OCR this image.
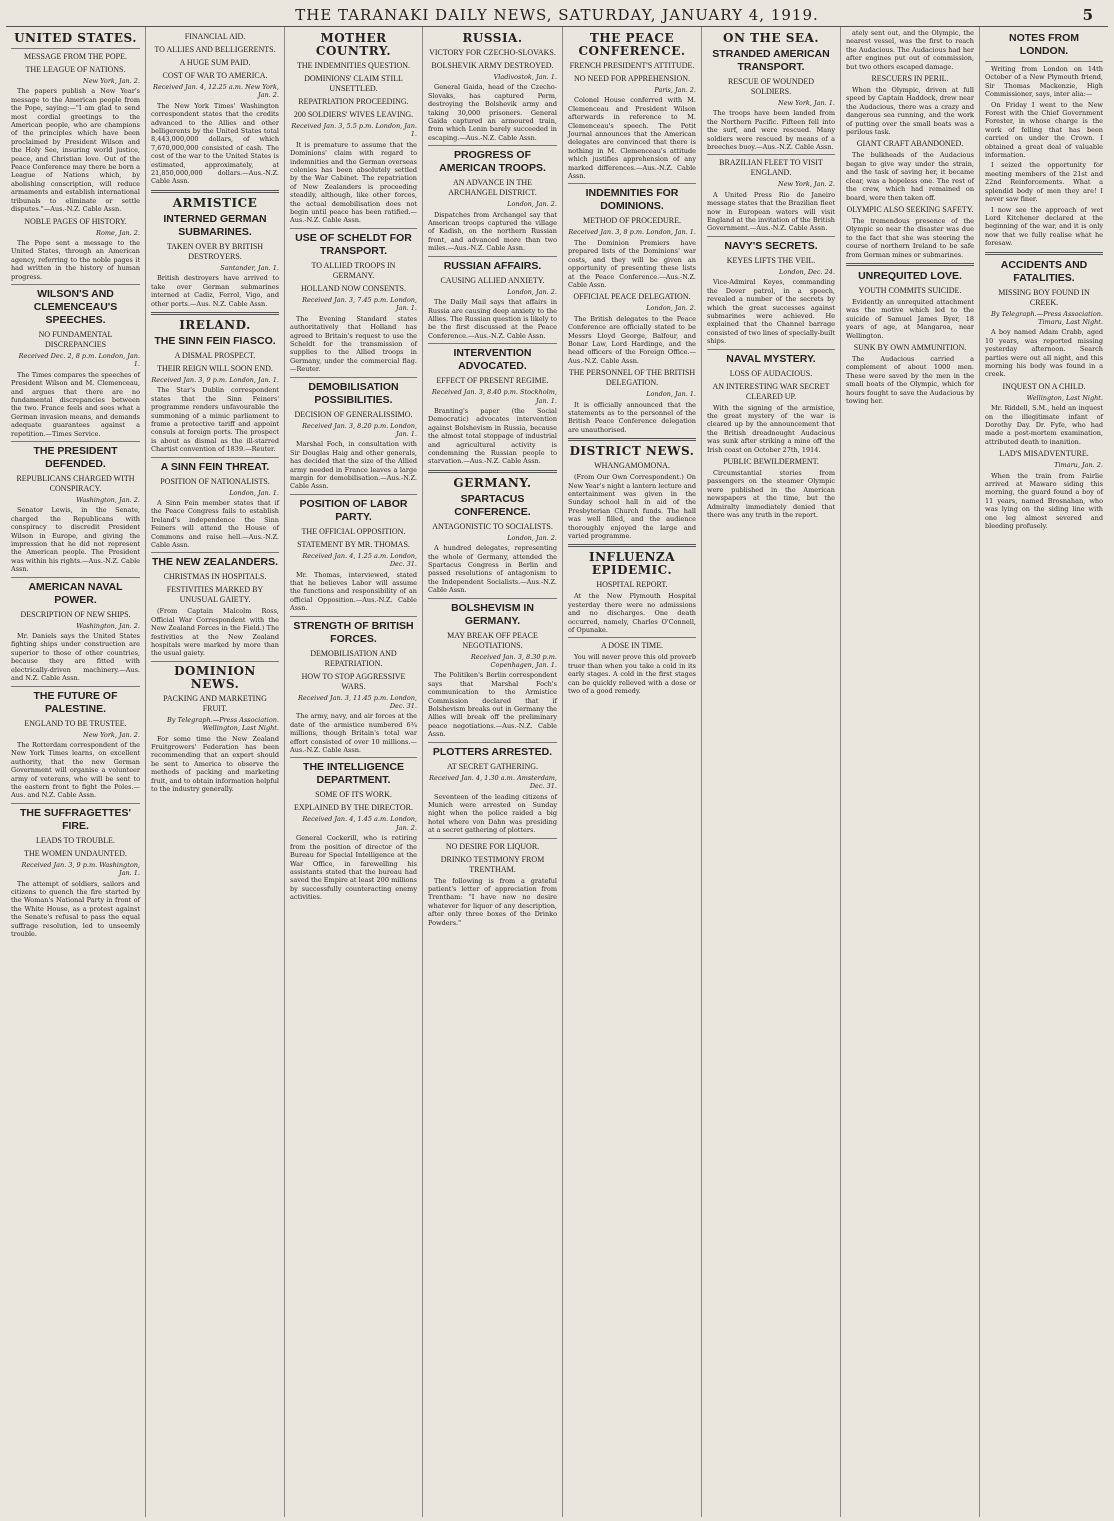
THE TARANAKI DAILY NEWS, SATURDAY, JANUARY 4, 1919.	5
UNITED STATES.
MESSAGE FROM THE POPE.
THE LEAGUE OF NATIONS.
New York, Jan. 2.

The papers publish a New Year's message to the American people from the Pope, saying:—"I am glad to send most cordial greetings to the American people, who are champions of the principles which have been proclaimed by President Wilson and the Holy See, insuring world justice, peace, and Christian love. Out of the Peace Conference may there be born a League of Nations which, by abolishing conscription, will reduce armaments and establish international tribunals to eliminate or settle disputes."—Aus.-N.Z. Cable Assn.

NOBLE PAGES OF HISTORY.
Rome, Jan. 2.

The Pope sent a message to the United States, through an American agency, referring to the noble pages it had written in the history of human progress.

WILSON'S AND CLEMENCEAU'S SPEECHES.
NO FUNDAMENTAL DISCREPANCIES
Received Dec. 2, 8 p.m. London, Jan. 1.

The Times compares the speeches of President Wilson and M. Clemenceau, and argues that there are no fundamental discrepancies between the two. France feels and sees what a German invasion means, and demands adequate guarantees against a repetition.—Times Service.

THE PRESIDENT DEFENDED.
REPUBLICANS CHARGED WITH CONSPIRACY.
Washington, Jan. 2.

Senator Lewis, in the Senate, charged the Republicans with conspiracy to discredit President Wilson in Europe, and giving the impression that he did not represent the American people. The President was within his rights.—Aus.-N.Z. Cable Assn.

AMERICAN NAVAL POWER.
DESCRIPTION OF NEW SHIPS.
Washington, Jan. 2.

Mr. Daniels says the United States fighting ships under construction are superior to those of other countries, because they are fitted with electrically-driven machinery.—Aus. and N.Z. Cable Assn.

THE FUTURE OF PALESTINE.
ENGLAND TO BE TRUSTEE.
New York, Jan. 2.

The Rotterdam correspondent of the New York Times learns, on excellent authority, that the new German Government will organise a volunteer army of veterans, who will be sent to the eastern front to fight the Poles.—Aus. and N.Z. Cable Assn.

THE SUFFRAGETTES' FIRE.
LEADS TO TROUBLE.
THE WOMEN UNDAUNTED.
Received Jan. 3, 9 p.m. Washington, Jan. 1.

The attempt of soldiers, sailors and citizens to quench the fire started by the Woman's National Party in front of the White House, as a protest against the Senate's refusal to pass the equal suffrage resolution, led to unseemly trouble.

FINANCIAL AID.
TO ALLIES AND BELLIGERENTS.
A HUGE SUM PAID.
COST OF WAR TO AMERICA.
Received Jan. 4, 12.25 a.m. New York, Jan. 2.

The New York Times' Washington correspondent states that the credits advanced to the Allies and other belligerents by the United States total 8,443,000,000 dollars, of which 7,670,000,000 consisted of cash. The cost of the war to the United States is estimated, approximately, at 21,850,000,000 dollars.—Aus.-N.Z. Cable Assn.

ARMISTICE
INTERNED GERMAN SUBMARINES.
TAKEN OVER BY BRITISH DESTROYERS.
Santander, Jan. 1.

British destroyers have arrived to take over German submarines interned at Cadiz, Ferrol, Vigo, and other ports.—Aus. N.Z. Cable Assn.

IRELAND.
THE SINN FEIN FIASCO.
A DISMAL PROSPECT.
THEIR REIGN WILL SOON END.
Received Jan. 3, 9 p.m. London, Jan. 1.

The Star's Dublin correspondent states that the Sinn Feiners' programme renders unfavourable the summoning of a mimic parliament to frame a protective tariff and appoint consuls at foreign ports. The prospect is about as dismal as the ill-starred Chartist convention of 1839.—Reuter.

A SINN FEIN THREAT.
POSITION OF NATIONALISTS.
London, Jan. 1.

A Sinn Fein member states that if the Peace Congress fails to establish Ireland's independence the Sinn Feiners will attend the House of Commons and raise hell.—Aus.-N.Z. Cable Assn.

THE NEW ZEALANDERS.
CHRISTMAS IN HOSPITALS.
FESTIVITIES MARKED BY UNUSUAL GAIETY.

(From Captain Malcolm Ross, Official War Correspondent with the New Zealand Forces in the Field.) The festivities at the New Zealand hospitals were marked by more than the usual gaiety.

DOMINION NEWS.
PACKING AND MARKETING FRUIT.
By Telegraph.—Press Association. Wellington, Last Night.

For some time the New Zealand Fruitgrowers' Federation has been recommending that an expert should be sent to America to observe the methods of packing and marketing fruit, and to obtain information helpful to the industry generally.

MOTHER COUNTRY.
THE INDEMNITIES QUESTION.
DOMINIONS' CLAIM STILL UNSETTLED.
REPATRIATION PROCEEDING.
200 SOLDIERS' WIVES LEAVING.
Received Jan. 3, 5.5 p.m. London, Jan. 1.

It is premature to assume that the Dominions' claim with regard to indemnities and the German overseas colonies has been absolutely settled by the War Cabinet. The repatriation of New Zealanders is proceeding steadily, although, like other forces, the actual demobilisation does not begin until peace has been ratified.—Aus.-N.Z. Cable Assn.

USE OF SCHELDT FOR TRANSPORT.
TO ALLIED TROOPS IN GERMANY.
HOLLAND NOW CONSENTS.
Received Jan. 3, 7.45 p.m. London, Jan. 1.

The Evening Standard states authoritatively that Holland has agreed to Britain's request to use the Scheldt for the transmission of supplies to the Allied troops in Germany, under the commercial flag.—Reuter.

DEMOBILISATION POSSIBILITIES.
DECISION OF GENERALISSIMO.
Received Jan. 3, 8.20 p.m. London, Jan. 1.

Marshal Foch, in consultation with Sir Douglas Haig and other generals, has decided that the size of the Allied army needed in France leaves a large margin for demobilisation.—Aus.-N.Z. Cable Assn.

POSITION OF LABOR PARTY.
THE OFFICIAL OPPOSITION.
STATEMENT BY MR. THOMAS.
Received Jan. 4, 1.25 a.m. London, Dec. 31.

Mr. Thomas, interviewed, stated that he believes Labor will assume the functions and responsibility of an official Opposition.—Aus.-N.Z. Cable Assn.

STRENGTH OF BRITISH FORCES.
DEMOBILISATION AND REPATRIATION.
HOW TO STOP AGGRESSIVE WARS.
Received Jan. 3, 11.45 p.m. London, Dec. 31.

The army, navy, and air forces at the date of the armistice numbered 6¾ millions, though Britain's total war effort consisted of over 10 millions.—Aus.-N.Z. Cable Assn.

THE INTELLIGENCE DEPARTMENT.
SOME OF ITS WORK.
EXPLAINED BY THE DIRECTOR.
Received Jan. 4, 1.45 a.m. London, Jan. 2.

General Cockerill, who is retiring from the position of director of the Bureau for Special Intelligence at the War Office, in farewelling his assistants stated that the bureau had saved the Empire at least 200 millions by successfully counteracting enemy activities.

RUSSIA.
VICTORY FOR CZECHO-SLOVAKS.
BOLSHEVIK ARMY DESTROYED.
Vladivostok, Jan. 1.

General Gaida, head of the Czecho-Slovaks, has captured Perm, destroying the Bolshevik army and taking 30,000 prisoners. General Gaida captured an armoured train, from which Lenin barely succeeded in escaping.—Aus.-N.Z. Cable Assn.

PROGRESS OF AMERICAN TROOPS.
AN ADVANCE IN THE ARCHANGEL DISTRICT.
London, Jan. 2.

Dispatches from Archangel say that American troops captured the village of Kadish, on the northern Russian front, and advanced more than two miles.—Aus.-N.Z. Cable Assn.

RUSSIAN AFFAIRS.
CAUSING ALLIED ANXIETY.
London, Jan. 2.

The Daily Mail says that affairs in Russia are causing deep anxiety to the Allies. The Russian question is likely to be the first discussed at the Peace Conference.—Aus.-N.Z. Cable Assn.

INTERVENTION ADVOCATED.
EFFECT OF PRESENT REGIME.
Received Jan. 3, 8.40 p.m. Stockholm, Jan. 1.

Branting's paper (the Social Democratic) advocates intervention against Bolshevism in Russia, because the almost total stoppage of industrial and agricultural activity is condemning the Russian people to starvation.—Aus.-N.Z. Cable Assn.

GERMANY.
SPARTACUS CONFERENCE.
ANTAGONISTIC TO SOCIALISTS.
London, Jan. 2.

A hundred delegates, representing the whole of Germany, attended the Spartacus Congress in Berlin and passed resolutions of antagonism to the Independent Socialists.—Aus.-N.Z. Cable Assn.

BOLSHEVISM IN GERMANY.
MAY BREAK OFF PEACE NEGOTIATIONS.
Received Jan. 3, 8.30 p.m. Copenhagen, Jan. 1.

The Politiken's Berlin correspondent says that Marshal Foch's communication to the Armistice Commission declared that if Bolshevism breaks out in Germany the Allies will break off the preliminary peace negotiations.—Aus.-N.Z. Cable Assn.

PLOTTERS ARRESTED.
AT SECRET GATHERING.
Received Jan. 4, 1.30 a.m. Amsterdam, Dec. 31.

Seventeen of the leading citizens of Munich were arrested on Sunday night when the police raided a big hotel where von Dahn was presiding at a secret gathering of plotters.

NO DESIRE FOR LIQUOR.
DRINKO TESTIMONY FROM TRENTHAM.

The following is from a grateful patient's letter of appreciation from Trentham: "I have now no desire whatever for liquor of any description, after only three boxes of the Drinko Powders."

THE PEACE CONFERENCE.
FRENCH PRESIDENT'S ATTITUDE.
NO NEED FOR APPREHENSION.
Paris, Jan. 2.

Colonel House conferred with M. Clemenceau and President Wilson afterwards in reference to M. Clemenceau's speech. The Petit Journal announces that the American delegates are convinced that there is nothing in M. Clemenceau's attitude which justifies apprehension of any marked differences.—Aus.-N.Z. Cable Assn.

INDEMNITIES FOR DOMINIONS.
METHOD OF PROCEDURE.
Received Jan. 3, 8 p.m. London, Jan. 1.

The Dominion Premiers have prepared lists of the Dominions' war costs, and they will be given an opportunity of presenting these lists at the Peace Conference.—Aus.-N.Z. Cable Assn.

OFFICIAL PEACE DELEGATION.
London, Jan. 2.

The British delegates to the Peace Conference are officially stated to be Messrs Lloyd George, Balfour, and Bonar Law, Lord Hardinge, and the head officers of the Foreign Office.—Aus.-N.Z. Cable Assn.

THE PERSONNEL OF THE BRITISH DELEGATION.
London, Jan. 1.

It is officially announced that the statements as to the personnel of the British Peace Conference delegation are unauthorised.

DISTRICT NEWS.
WHANGAMOMONA.

(From Our Own Correspondent.) On New Year's night a lantern lecture and entertainment was given in the Sunday school hall in aid of the Presbyterian Church funds. The hall was well filled, and the audience thoroughly enjoyed the large and varied programme.

INFLUENZA EPIDEMIC.
HOSPITAL REPORT.

At the New Plymouth Hospital yesterday there were no admissions and no discharges. One death occurred, namely, Charles O'Connell, of Opunake.

A DOSE IN TIME.

You will never prove this old proverb truer than when you take a cold in its early stages. A cold in the first stages can be quickly relieved with a dose or two of a good remedy.

ON THE SEA.
STRANDED AMERICAN TRANSPORT.
RESCUE OF WOUNDED SOLDIERS.
New York, Jan. 1.

The troops have been landed from the Northern Pacific. Fifteen fell into the surf, and were rescued. Many soldiers were rescued by means of a breeches buoy.—Aus.-N.Z. Cable Assn.

BRAZILIAN FLEET TO VISIT ENGLAND.
New York, Jan. 2.

A United Press Rio de Janeiro message states that the Brazilian fleet now in European waters will visit England at the invitation of the British Government.—Aus.-N.Z. Cable Assn.

NAVY'S SECRETS.
KEYES LIFTS THE VEIL.
London, Dec. 24.

Vice-Admiral Keyes, commanding the Dover patrol, in a speech, revealed a number of the secrets by which the great successes against submarines were achieved. He explained that the Channel barrage consisted of two lines of specially-built ships.

NAVAL MYSTERY.
LOSS OF AUDACIOUS.
AN INTERESTING WAR SECRET CLEARED UP.

With the signing of the armistice, the great mystery of the war is cleared up by the announcement that the British dreadnought Audacious was sunk after striking a mine off the Irish coast on October 27th, 1914.

PUBLIC BEWILDERMENT.

Circumstantial stories from passengers on the steamer Olympic were published in the American newspapers at the time, but the Admiralty immediately denied that there was any truth in the report.

ately sent out, and the Olympic, the nearest vessel, was the first to reach the Audacious. The Audacious had her after engines put out of commission, but two others escaped damage.

RESCUERS IN PERIL.

When the Olympic, driven at full speed by Captain Haddock, drew near the Audacious, there was a crazy and dangerous sea running, and the work of putting over the small boats was a perilous task.

GIANT CRAFT ABANDONED.

The bulkheads of the Audacious began to give way under the strain, and the task of saving her, it became clear, was a hopeless one. The rest of the crew, which had remained on board, were then taken off.

OLYMPIC ALSO SEEKING SAFETY.

The tremendous presence of the Olympic so near the disaster was due to the fact that she was steering the course of northern Ireland to be safe from German mines or submarines.

UNREQUITED LOVE.
YOUTH COMMITS SUICIDE.

Evidently an unrequited attachment was the motive which led to the suicide of Samuel James Byer, 18 years of age, at Mangaroa, near Wellington.

SUNK BY OWN AMMUNITION.

The Audacious carried a complement of about 1000 men. These were saved by the men in the small boats of the Olympic, which for hours fought to save the Audacious by towing her.

NOTES FROM LONDON.

Writing from London on 14th October of a New Plymouth friend, Sir Thomas Mackenzie, High Commissioner, says, inter alia:—

On Friday I went to the New Forest with the Chief Government Forester, in whose charge is the work of felling that has been carried on under the Crown. I obtained a great deal of valuable information.

I seized the opportunity for meeting members of the 21st and 22nd Reinforcements. What a splendid body of men they are! I never saw finer.

I now see the approach of wet Lord Kitchener declared at the beginning of the war, and it is only now that we fully realise what he foresaw.

ACCIDENTS AND FATALITIES.
MISSING BOY FOUND IN CREEK.
By Telegraph.—Press Association. Timaru, Last Night.

A boy named Adam Crabb, aged 10 years, was reported missing yesterday afternoon. Search parties were out all night, and this morning his body was found in a creek.

INQUEST ON A CHILD.
Wellington, Last Night.

Mr. Riddell, S.M., held an inquest on the illegitimate infant of Dorothy Day. Dr. Fyfe, who had made a post-mortem examination, attributed death to inanition.

LAD'S MISADVENTURE.
Timaru, Jan. 2.

When the train from Fairlie arrived at Mawaro siding this morning, the guard found a boy of 11 years, named Brosnahan, who was lying on the siding line with one leg almost severed and bleeding profusely.
